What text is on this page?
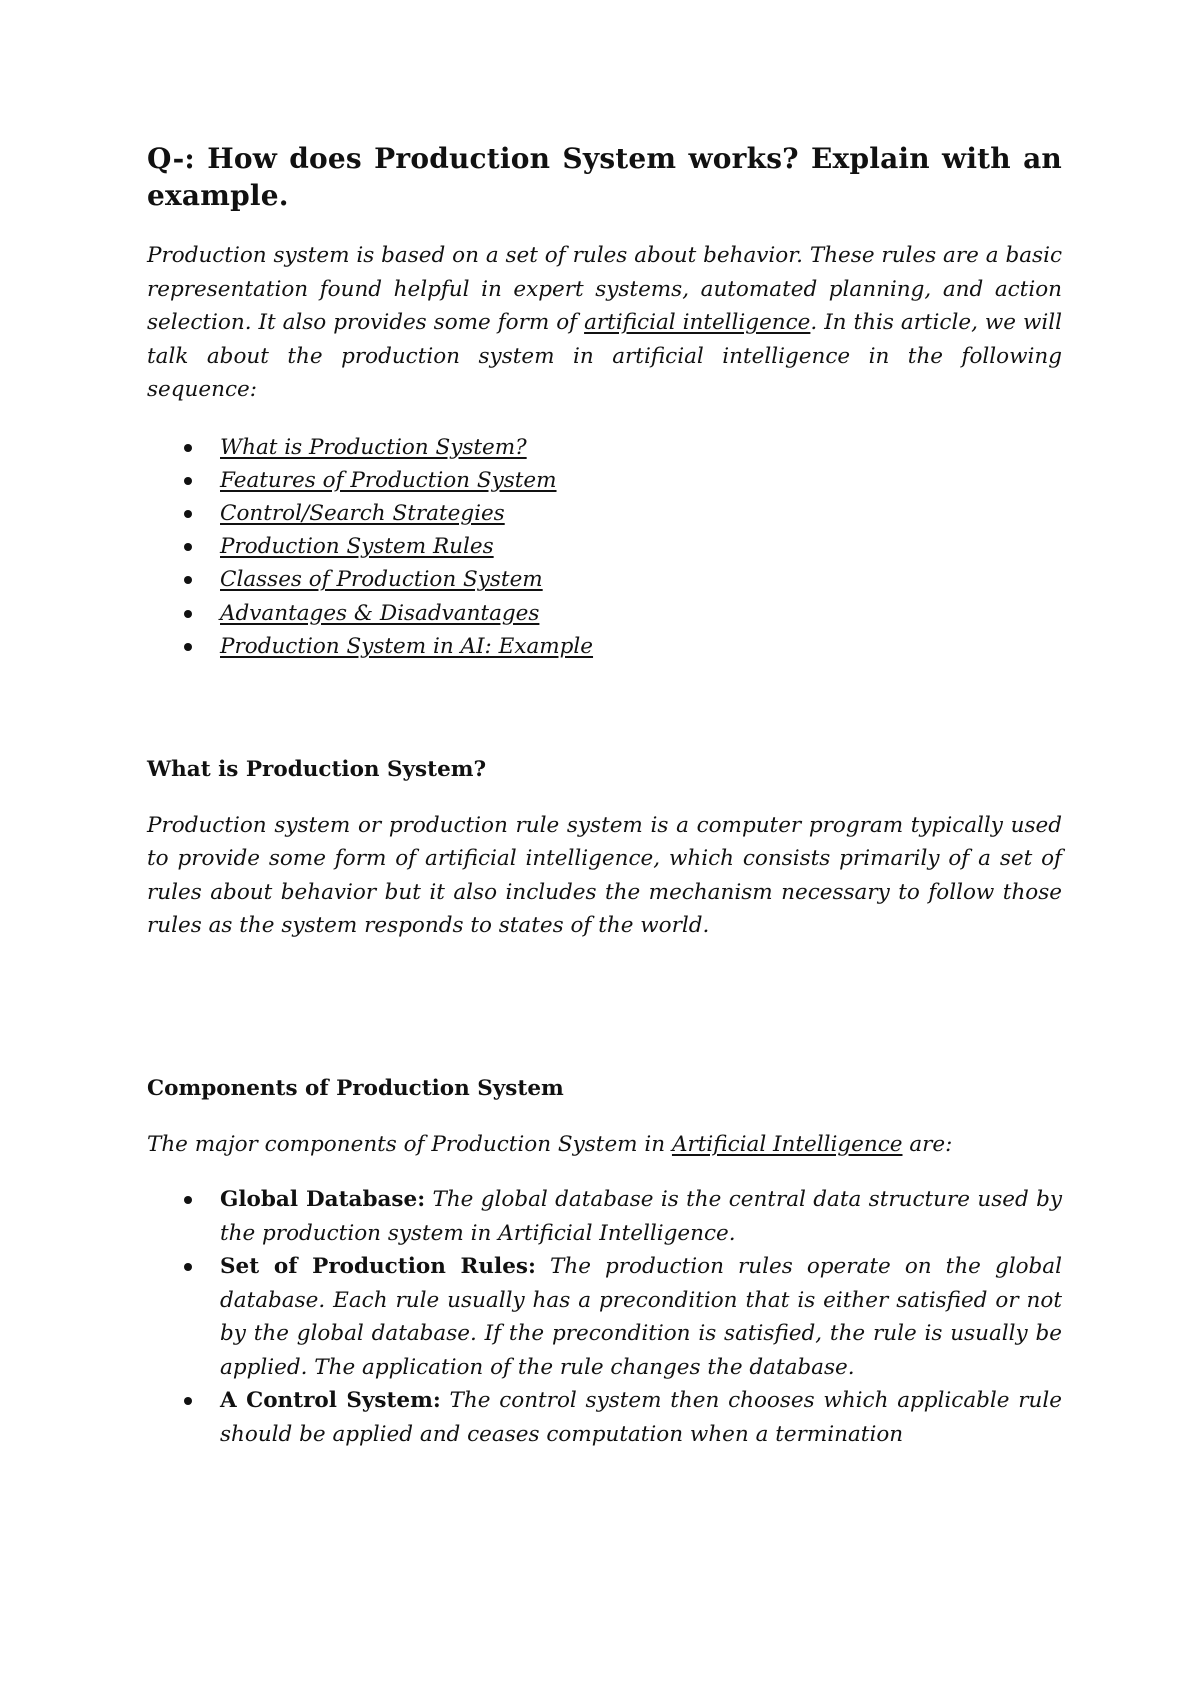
Q-: How does Production System works? Explain with an example.

Production system is based on a set of rules about behavior. These rules are a basic representation found helpful in expert systems, automated planning, and action selection. It also provides some form of artificial intelligence. In this article, we will talk about the production system in artificial intelligence in the following sequence:

What is Production System?
Features of Production System
Control/Search Strategies
Production System Rules
Classes of Production System
Advantages & Disadvantages
Production System in AI: Example
What is Production System?

Production system or production rule system is a computer program typically used to provide some form of artificial intelligence, which consists primarily of a set of rules about behavior but it also includes the mechanism necessary to follow those rules as the system responds to states of the world.

Components of Production System

The major components of Production System in Artificial Intelligence are:

Global Database: The global database is the central data structure used by the production system in Artificial Intelligence.
Set of Production Rules: The production rules operate on the global database. Each rule usually has a precondition that is either satisfied or not by the global database. If the precondition is satisfied, the rule is usually be applied. The application of the rule changes the database.
A Control System: The control system then chooses which applicable rule should be applied and ceases computation when a termination
